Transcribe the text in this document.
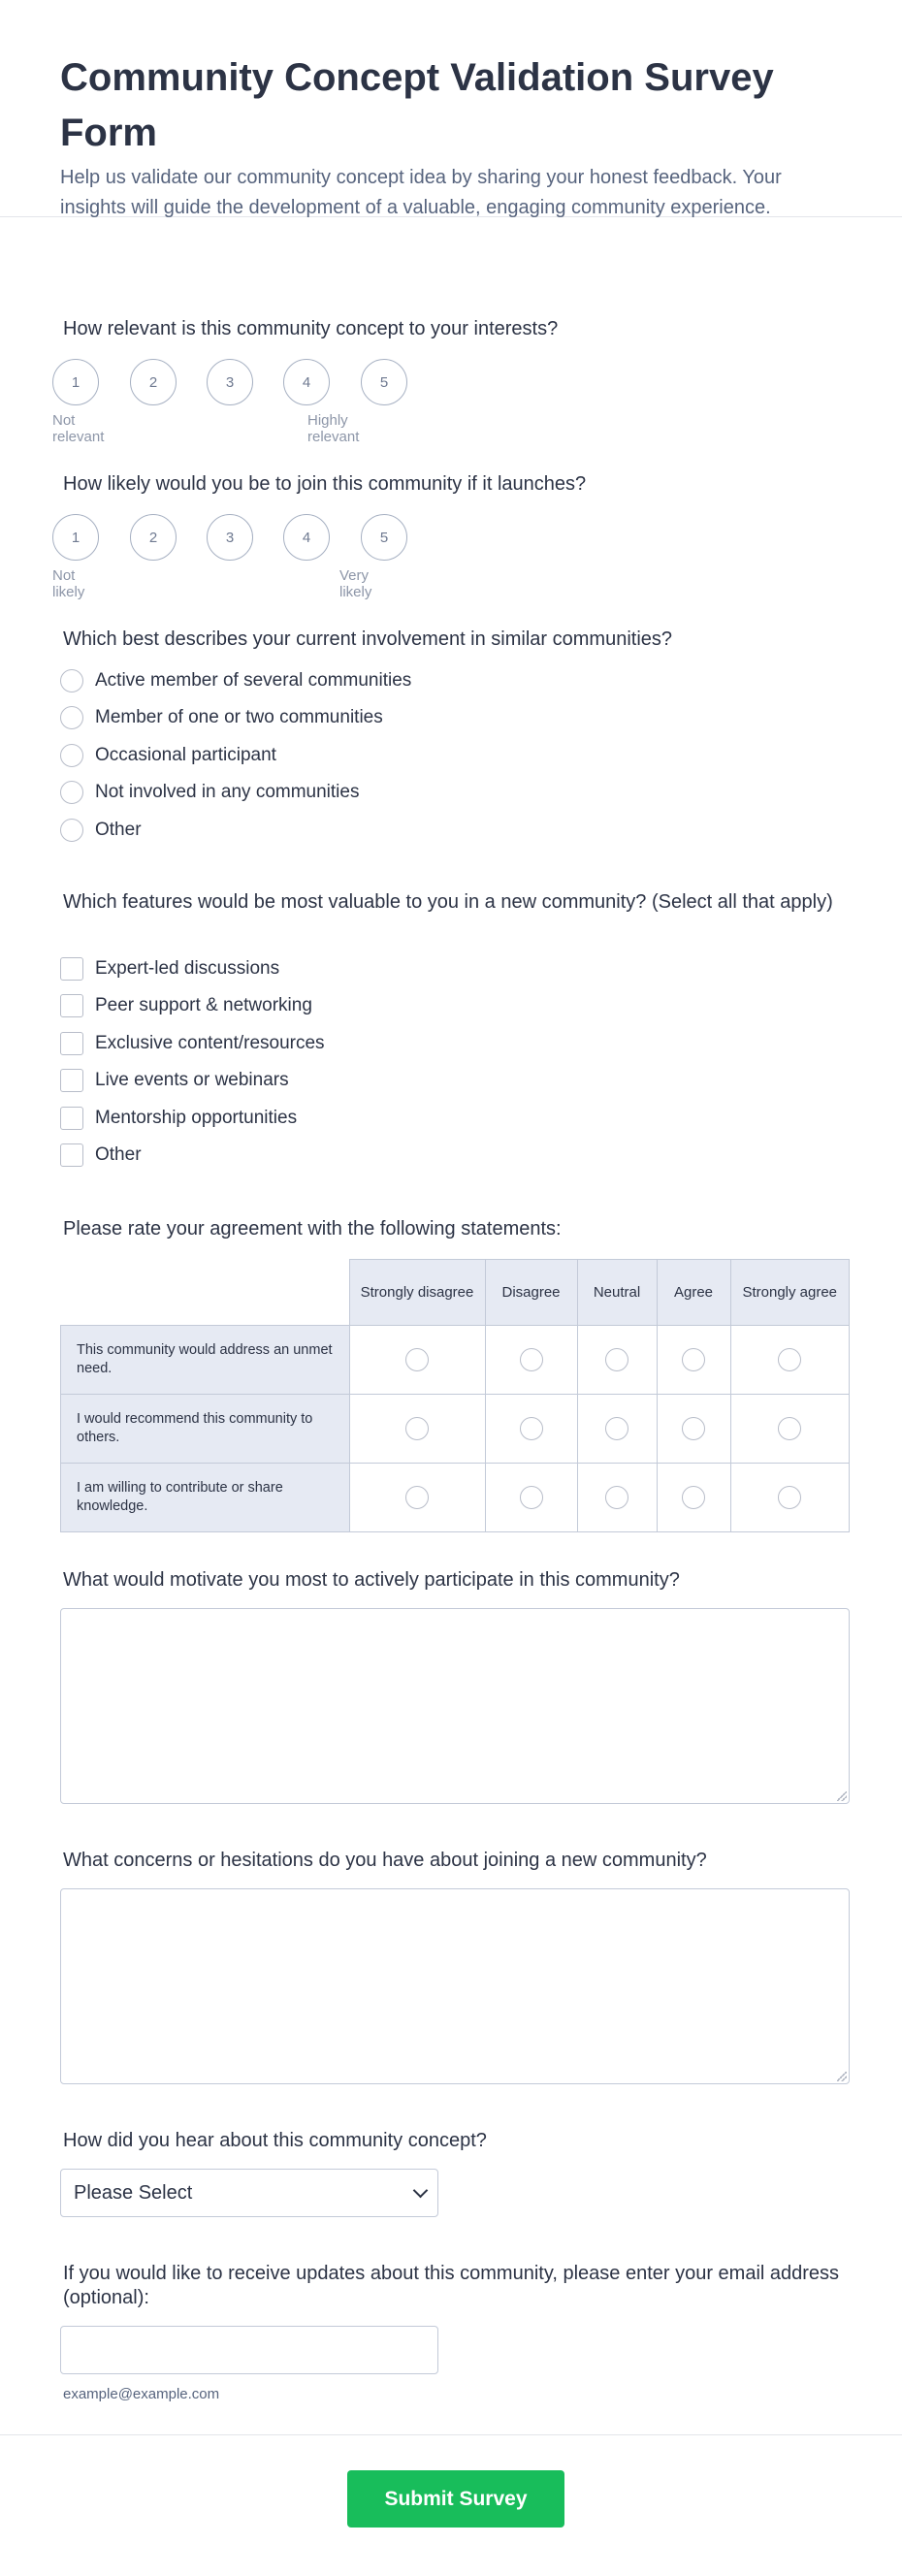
Community Concept Validation Survey Form
Help us validate our community concept idea by sharing your honest feedback. Your insights will guide the development of a valuable, engaging community experience.
How relevant is this community concept to your interests?
1	2	3	4	5
Not relevant
Highly relevant
How likely would you be to join this community if it launches?
1	2	3	4	5
Not likely
Very likely
Which best describes your current involvement in similar communities?
Active member of several communities
Member of one or two communities
Occasional participant
Not involved in any communities
Other
Which features would be most valuable to you in a new community? (Select all that apply)
Expert-led discussions
Peer support & networking
Exclusive content/resources
Live events or webinars
Mentorship opportunities
Other
Please rate your agreement with the following statements:
	Strongly disagree	Disagree	Neutral	Agree	Strongly agree
This community would address an unmet need.					
I would recommend this community to others.					
I am willing to contribute or share knowledge.					
What would motivate you most to actively participate in this community?
What concerns or hesitations do you have about joining a new community?
How did you hear about this community concept?
Please Select
If you would like to receive updates about this community, please enter your email address (optional):
example@example.com
Submit Survey
